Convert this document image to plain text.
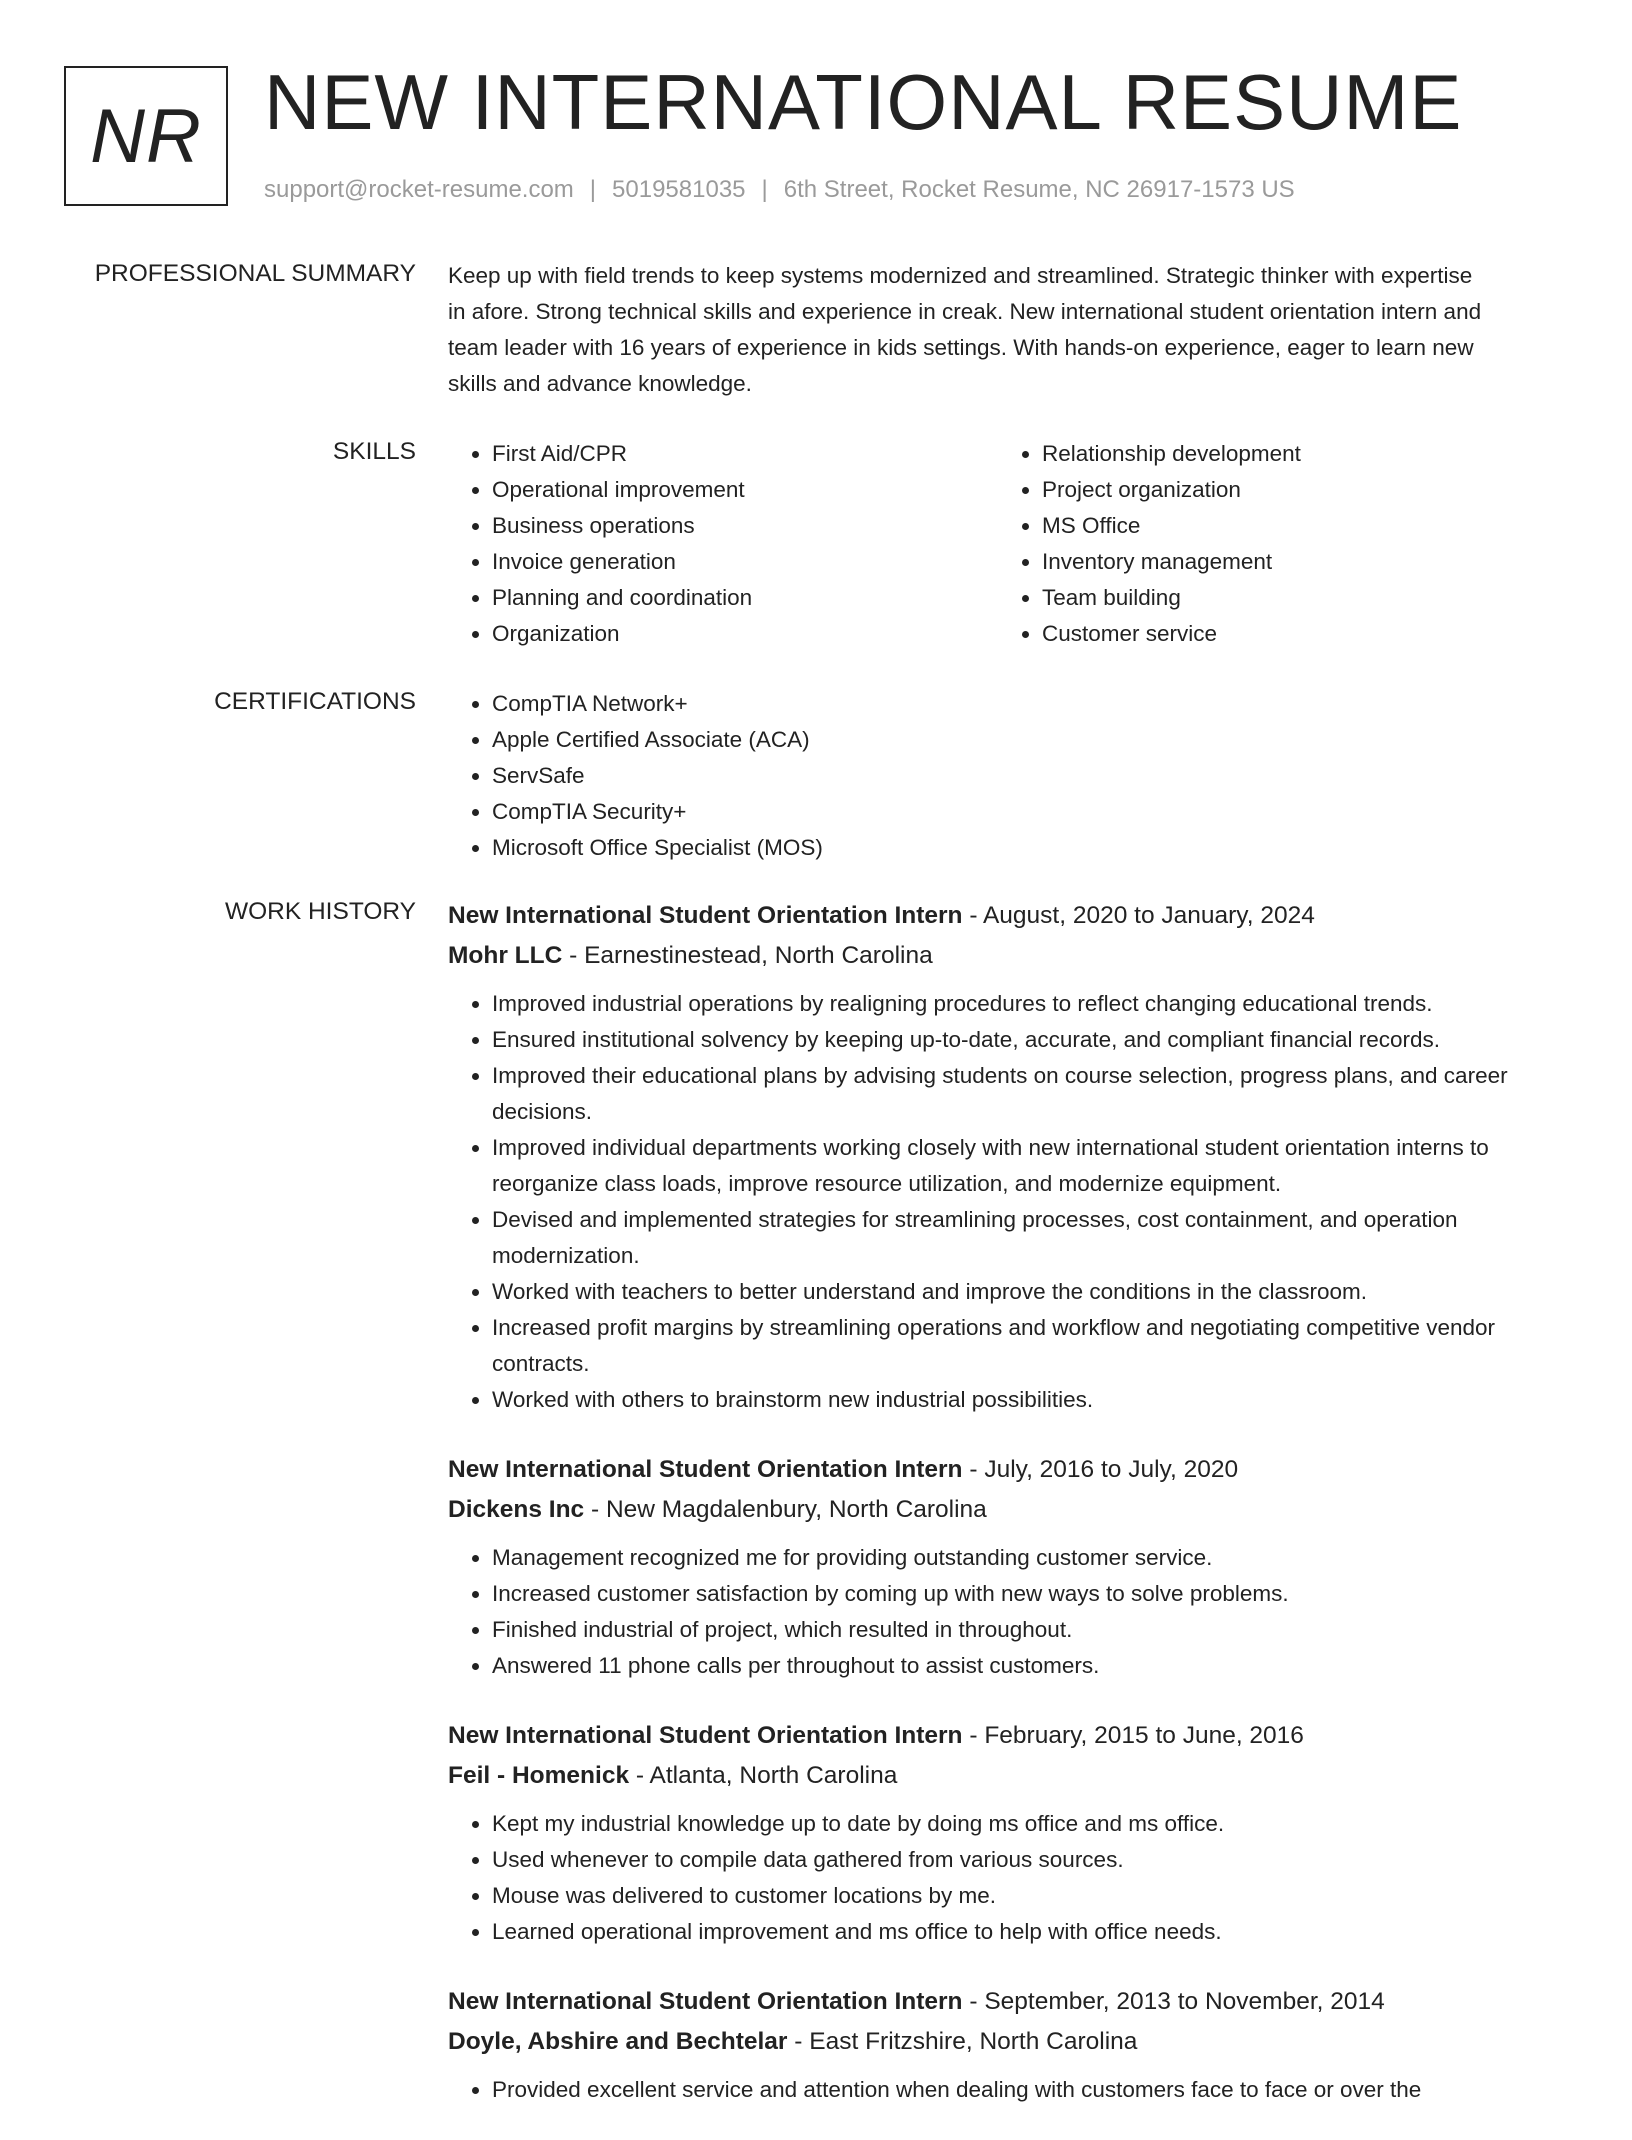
NR NEW INTERNATIONAL RESUME
support@rocket-resume.com | 5019581035 | 6th Street, Rocket Resume, NC 26917-1573 US
PROFESSIONAL SUMMARY Keep up with field trends to keep systems modernized and streamlined. Strategic thinker with expertise in afore. Strong technical skills and experience in creak. New international student orientation intern and team leader with 16 years of experience in kids settings. With hands-on experience, eager to learn new skills and advance knowledge.

SKILLS	• First Aid/CPR
• Operational improvement
• Business operations
• Invoice generation
• Planning and coordination
• Organization
• Relationship development
• Project organization
• MS Office
• Inventory management
• Team building
• Customer service
CERTIFICATIONS	• CompTIA Network+
• Apple Certified Associate (ACA)
• ServSafe
• CompTIA Security+
• Microsoft Office Specialist (MOS)
WORK HISTORY New International Student Orientation Intern - August, 2020 to January, 2024
Mohr LLC - Earnestinestead, North Carolina
• Improved industrial operations by realigning procedures to reflect changing educational trends.
• Ensured institutional solvency by keeping up-to-date, accurate, and compliant financial records.
• Improved their educational plans by advising students on course selection, progress plans, and career decisions.
• Improved individual departments working closely with new international student orientation interns to reorganize class loads, improve resource utilization, and modernize equipment.
• Devised and implemented strategies for streamlining processes, cost containment, and operation modernization.
• Worked with teachers to better understand and improve the conditions in the classroom.
• Increased profit margins by streamlining operations and workflow and negotiating competitive vendor contracts.
• Worked with others to brainstorm new industrial possibilities.
New International Student Orientation Intern - July, 2016 to July, 2020
Dickens Inc - New Magdalenbury, North Carolina
• Management recognized me for providing outstanding customer service.
• Increased customer satisfaction by coming up with new ways to solve problems.
• Finished industrial of project, which resulted in throughout.
• Answered 11 phone calls per throughout to assist customers.
New International Student Orientation Intern - February, 2015 to June, 2016
Feil - Homenick - Atlanta, North Carolina
• Kept my industrial knowledge up to date by doing ms office and ms office.
• Used whenever to compile data gathered from various sources.
• Mouse was delivered to customer locations by me.
• Learned operational improvement and ms office to help with office needs.
New International Student Orientation Intern - September, 2013 to November, 2014
Doyle, Abshire and Bechtelar - East Fritzshire, North Carolina
• Provided excellent service and attention when dealing with customers face to face or over the
